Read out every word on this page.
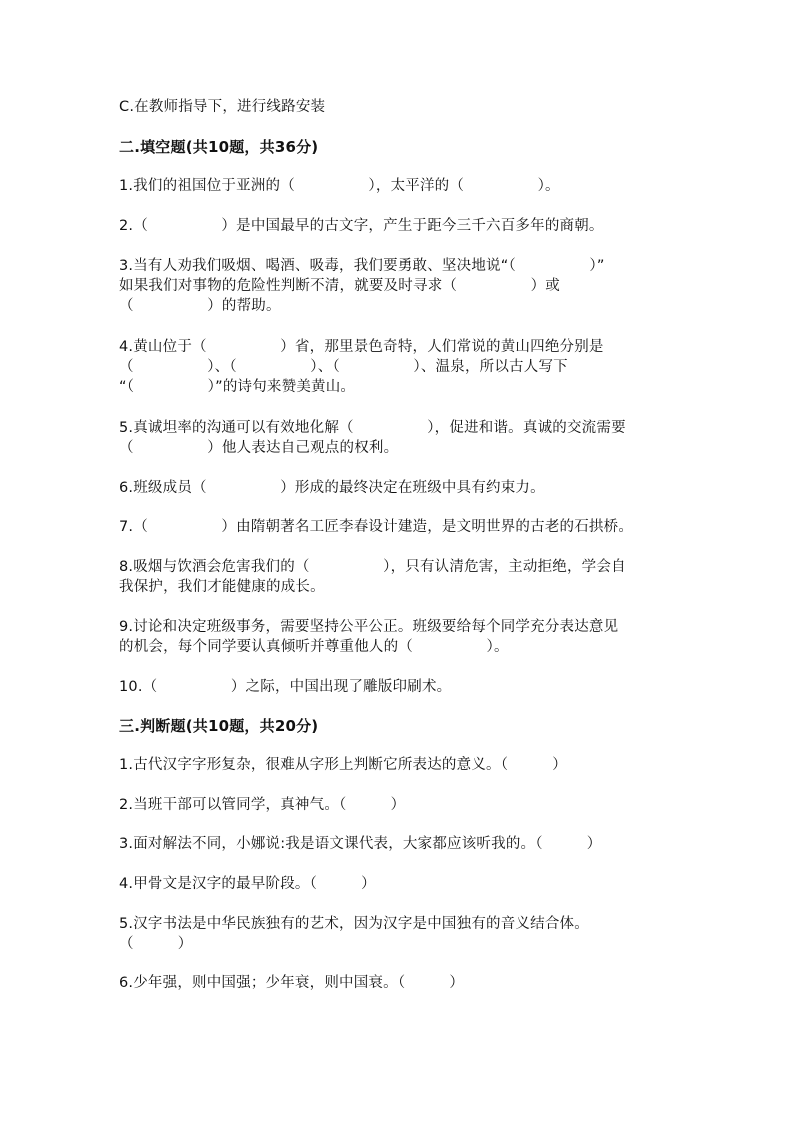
C.在教师指导下，进行线路安装
二.填空题(共10题，共36分)
1.我们的祖国位于亚洲的（　　　　　），太平洋的（　　　　　）。
2.（　　　　　）是中国最早的古文字，产生于距今三千六百多年的商朝。
3.当有人劝我们吸烟、喝酒、吸毒，我们要勇敢、坚决地说“（　　　　　）”
如果我们对事物的危险性判断不清，就要及时寻求（　　　　　）或
（　　　　　）的帮助。
4.黄山位于（　　　　　）省，那里景色奇特，人们常说的黄山四绝分别是
（　　　　　）、（　　　　　）、（　　　　　）、温泉，所以古人写下
“（　　　　　）”的诗句来赞美黄山。
5.真诚坦率的沟通可以有效地化解（　　　　　），促进和谐。真诚的交流需要
（　　　　　）他人表达自己观点的权利。
6.班级成员（　　　　　）形成的最终决定在班级中具有约束力。
7.（　　　　　）由隋朝著名工匠李春设计建造，是文明世界的古老的石拱桥。
8.吸烟与饮酒会危害我们的（　　　　　），只有认清危害，主动拒绝，学会自
我保护，我们才能健康的成长。
9.讨论和决定班级事务，需要坚持公平公正。班级要给每个同学充分表达意见
的机会，每个同学要认真倾听并尊重他人的（　　　　　）。
10.（　　　　　）之际，中国出现了雕版印刷术。
三.判断题(共10题，共20分)
1.古代汉字字形复杂，很难从字形上判断它所表达的意义。（　　　）
2.当班干部可以管同学，真神气。（　　　）
3.面对解法不同，小娜说:我是语文课代表，大家都应该听我的。（　　　）
4.甲骨文是汉字的最早阶段。（　　　）
5.汉字书法是中华民族独有的艺术，因为汉字是中国独有的音义结合体。
（　　　）
6.少年强，则中国强；少年衰，则中国衰。（　　　）
